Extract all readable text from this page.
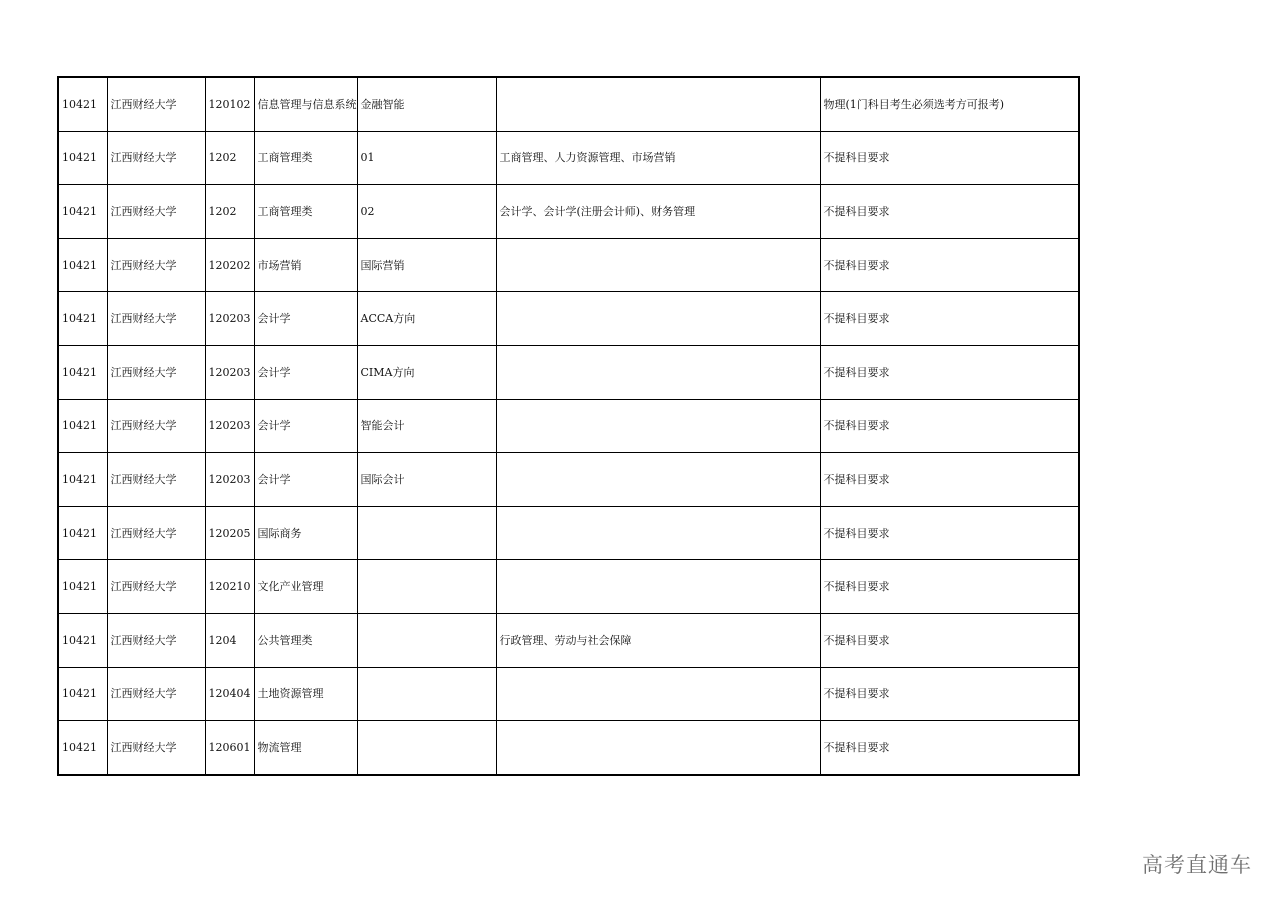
10421	江西财经大学	120102	信息管理与信息系统	金融智能		物理(1门科目考生必须选考方可报考)
10421	江西财经大学	1202	工商管理类	01	工商管理、人力资源管理、市场营销	不提科目要求
10421	江西财经大学	1202	工商管理类	02	会计学、会计学(注册会计师)、财务管理	不提科目要求
10421	江西财经大学	120202	市场营销	国际营销		不提科目要求
10421	江西财经大学	120203	会计学	ACCA方向		不提科目要求
10421	江西财经大学	120203	会计学	CIMA方向		不提科目要求
10421	江西财经大学	120203	会计学	智能会计		不提科目要求
10421	江西财经大学	120203	会计学	国际会计		不提科目要求
10421	江西财经大学	120205	国际商务			不提科目要求
10421	江西财经大学	120210	文化产业管理			不提科目要求
10421	江西财经大学	1204	公共管理类		行政管理、劳动与社会保障	不提科目要求
10421	江西财经大学	120404	土地资源管理			不提科目要求
10421	江西财经大学	120601	物流管理			不提科目要求
高考直通车
